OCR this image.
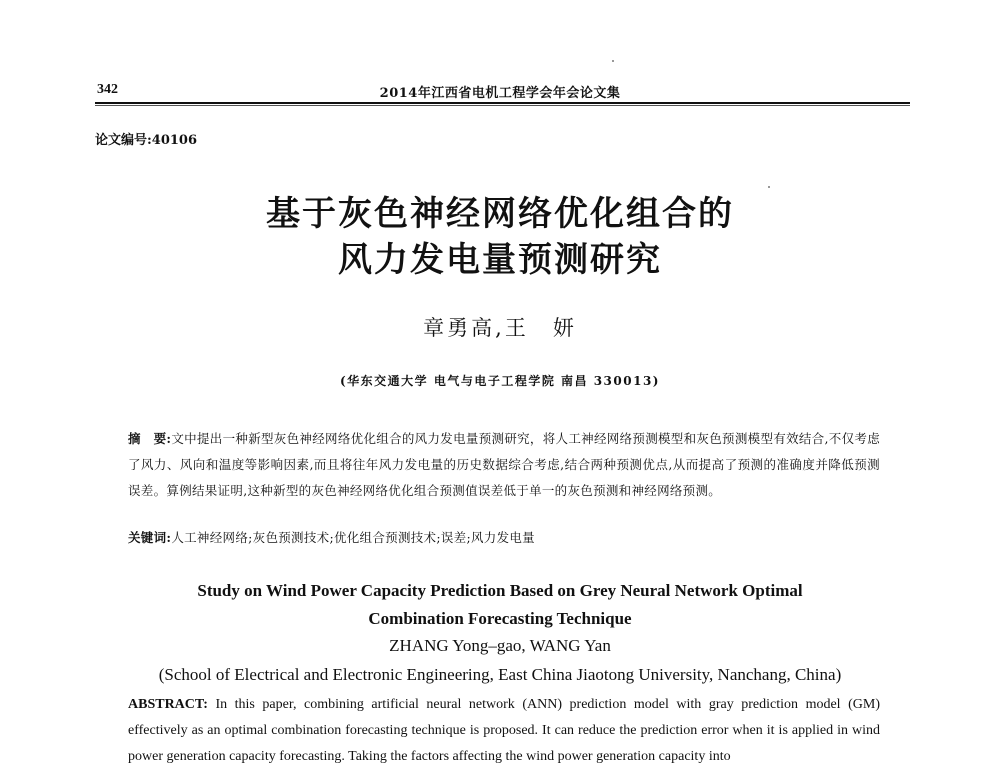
342	2014年江西省电机工程学会年会论文集
论文编号:40106
基于灰色神经网络优化组合的
风力发电量预测研究
章勇高,王　妍
(华东交通大学 电气与电子工程学院 南昌 330013)
摘　要:文中提出一种新型灰色神经网络优化组合的风力发电量预测研究，将人工神经网络预测模型和灰色预测模型有效结合,不仅考虑了风力、风向和温度等影响因素,而且将往年风力发电量的历史数据综合考虑,结合两种预测优点,从而提高了预测的准确度并降低预测误差。算例结果证明,这种新型的灰色神经网络优化组合预测值误差低于单一的灰色预测和神经网络预测。
关键词:人工神经网络;灰色预测技术;优化组合预测技术;误差;风力发电量
Study on Wind Power Capacity Prediction Based on Grey Neural Network Optimal
Combination Forecasting Technique
ZHANG Yong–gao, WANG Yan
(School of Electrical and Electronic Engineering, East China Jiaotong University, Nanchang, China)
ABSTRACT: In this paper, combining artificial neural network (ANN) prediction model with gray prediction model (GM) effectively as an optimal combination forecasting technique is proposed. It can reduce the prediction error when it is applied in wind power generation capacity forecasting. Taking the factors affecting the wind power generation capacity into
